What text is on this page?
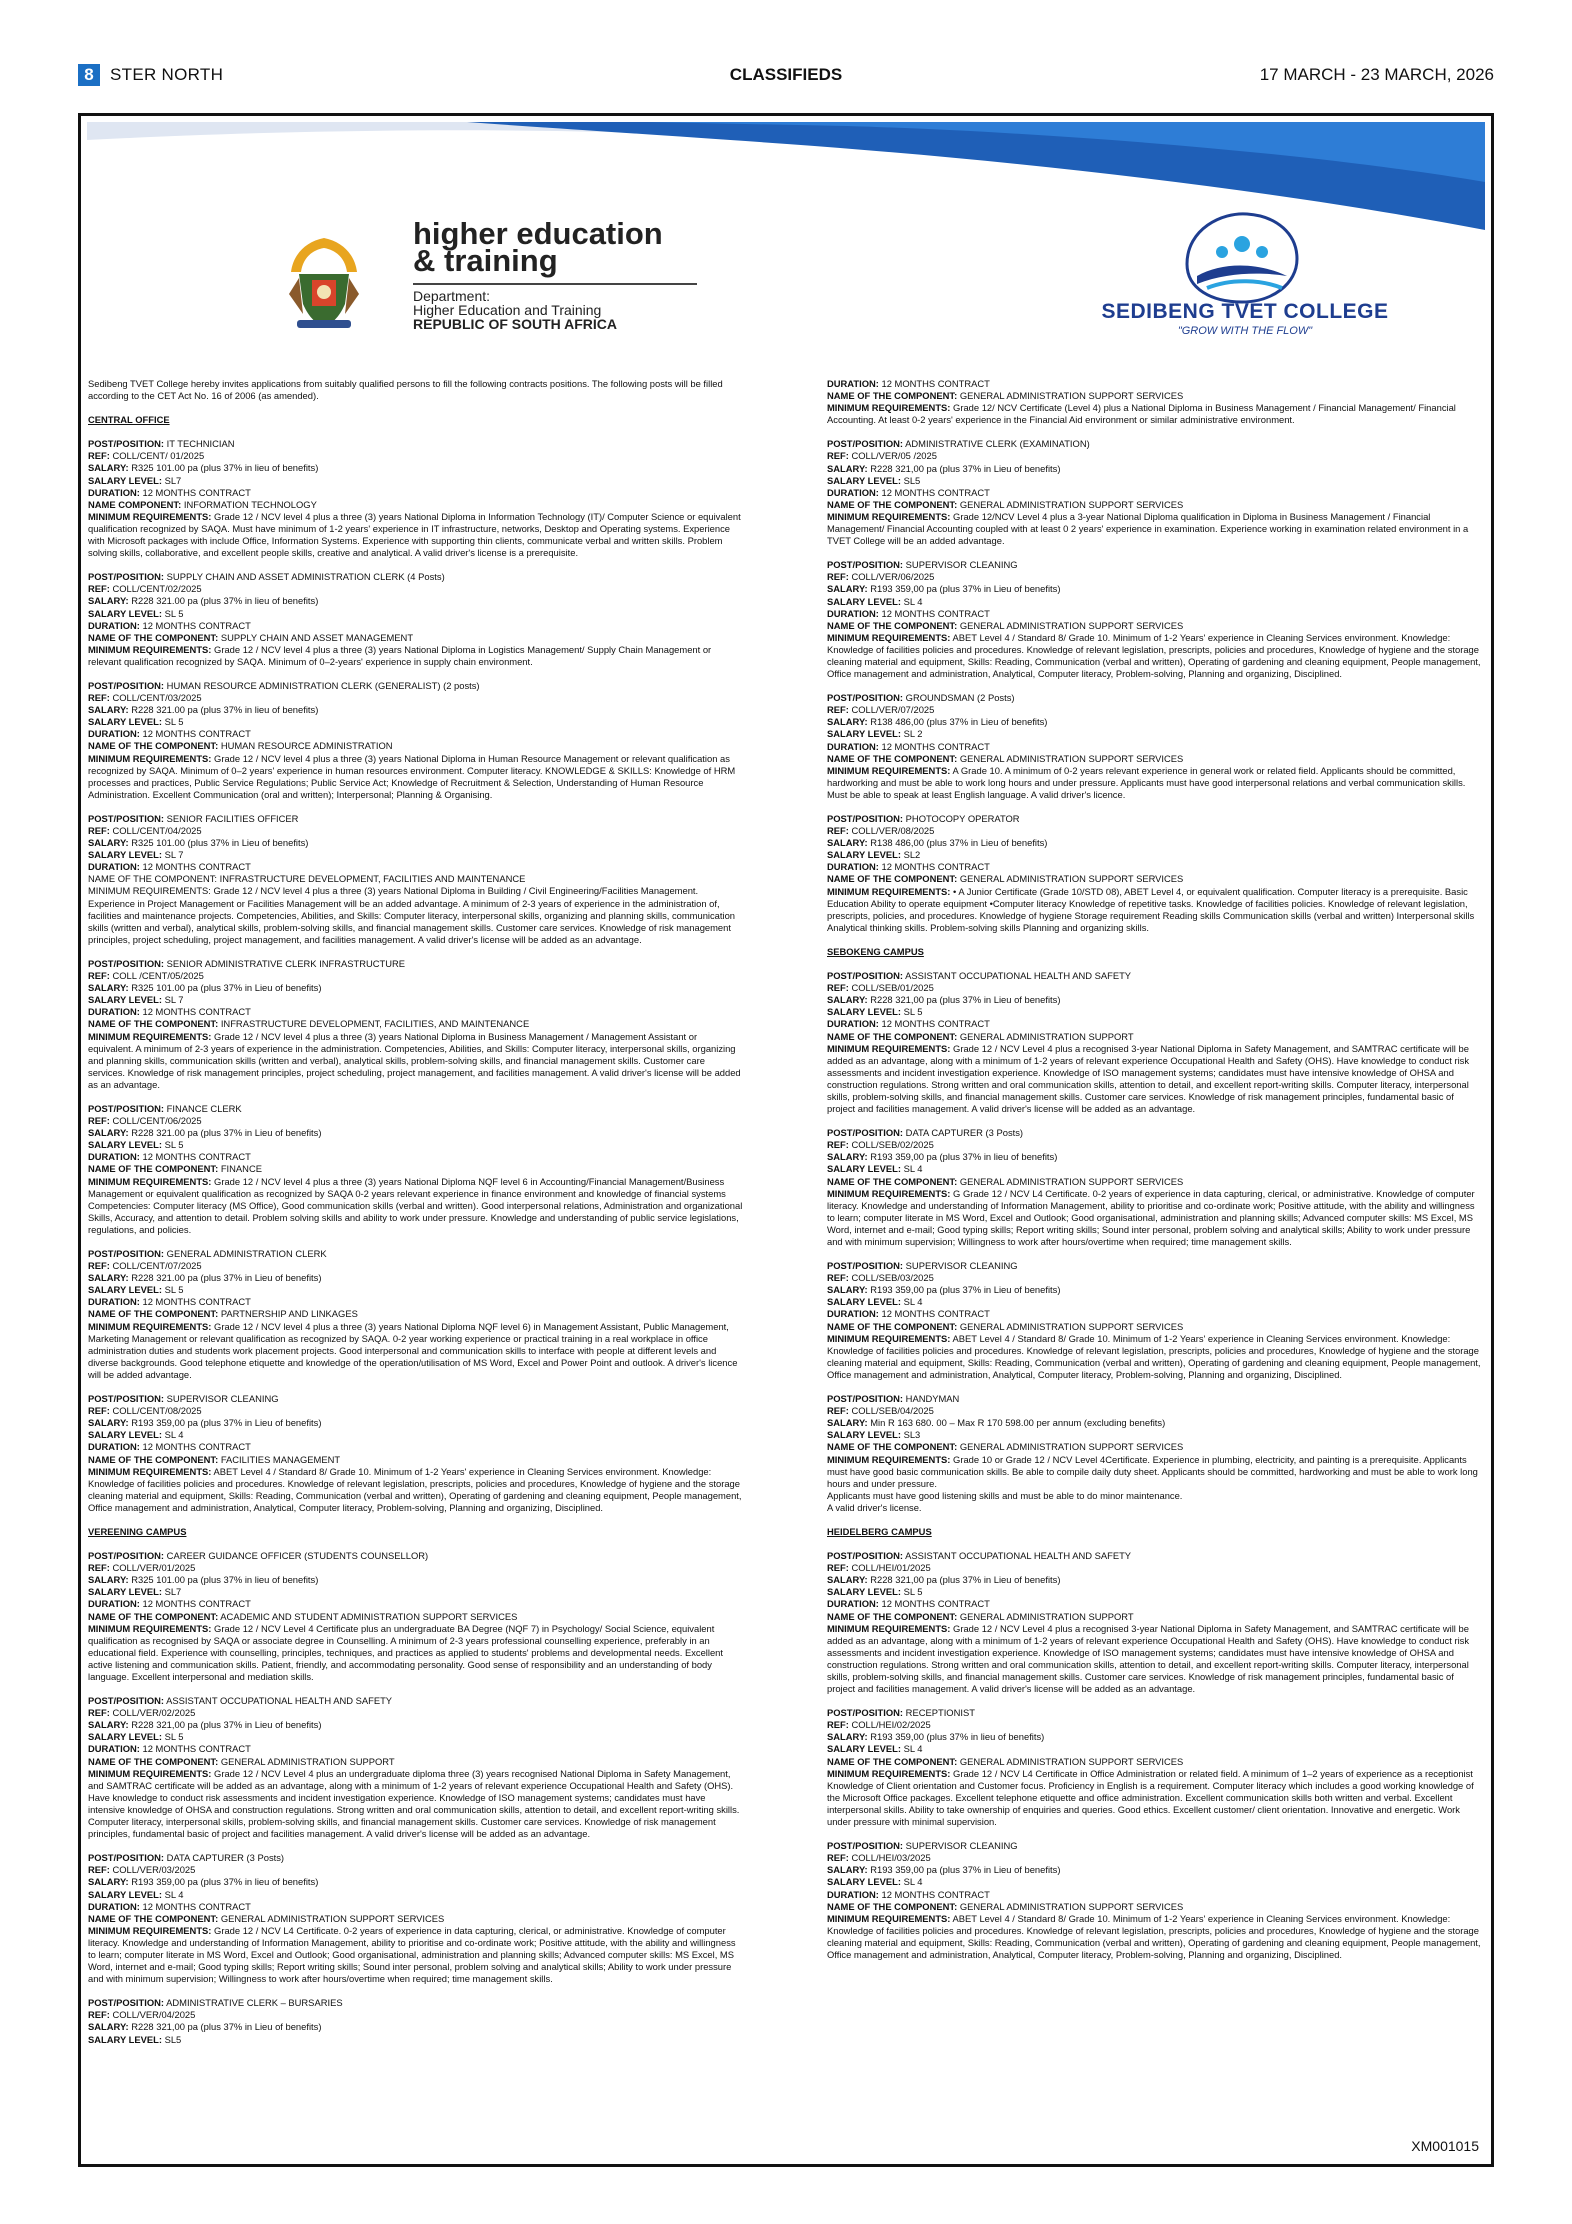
8 STER NORTH	CLASSIFIEDS	17 MARCH - 23 MARCH, 2026
higher education
& training
Department:
Higher Education and Training
REPUBLIC OF SOUTH AFRICA
SEDIBENG TVET COLLEGE
"GROW WITH THE FLOW"

Sedibeng TVET College hereby invites applications from suitably qualified persons to fill the following contracts positions. The following posts will be filled according to the CET Act No. 16 of 2006 (as amended).

CENTRAL OFFICE

POST/POSITION: IT TECHNICIAN

REF: COLL/CENT/ 01/2025

SALARY: R325 101.00 pa (plus 37% in lieu of benefits)

SALARY LEVEL: SL7

DURATION: 12 MONTHS CONTRACT

NAME COMPONENT: INFORMATION TECHNOLOGY

MINIMUM REQUIREMENTS: Grade 12 / NCV level 4 plus a three (3) years National Diploma in Information Technology (IT)/ Computer Science or equivalent qualification recognized by SAQA. Must have minimum of 1-2 years' experience in IT infrastructure, networks, Desktop and Operating systems. Experience with Microsoft packages with include Office, Information Systems. Experience with supporting thin clients, communicate verbal and written skills. Problem solving skills, collaborative, and excellent people skills, creative and analytical. A valid driver's license is a prerequisite.

POST/POSITION: SUPPLY CHAIN AND ASSET ADMINISTRATION CLERK (4 Posts)

REF: COLL/CENT/02/2025

SALARY: R228 321.00 pa (plus 37% in lieu of benefits)

SALARY LEVEL: SL 5

DURATION: 12 MONTHS CONTRACT

NAME OF THE COMPONENT: SUPPLY CHAIN AND ASSET MANAGEMENT

MINIMUM REQUIREMENTS: Grade 12 / NCV level 4 plus a three (3) years National Diploma in Logistics Management/ Supply Chain Management or relevant qualification recognized by SAQA. Minimum of 0–2-years' experience in supply chain environment.

POST/POSITION: HUMAN RESOURCE ADMINISTRATION CLERK (GENERALIST) (2 posts)

REF: COLL/CENT/03/2025

SALARY: R228 321.00 pa (plus 37% in lieu of benefits)

SALARY LEVEL: SL 5

DURATION: 12 MONTHS CONTRACT

NAME OF THE COMPONENT: HUMAN RESOURCE ADMINISTRATION

MINIMUM REQUIREMENTS: Grade 12 / NCV level 4 plus a three (3) years National Diploma in Human Resource Management or relevant qualification as recognized by SAQA. Minimum of 0–2 years' experience in human resources environment. Computer literacy. KNOWLEDGE & SKILLS: Knowledge of HRM processes and practices, Public Service Regulations; Public Service Act; Knowledge of Recruitment & Selection, Understanding of Human Resource Administration. Excellent Communication (oral and written); Interpersonal; Planning & Organising.

POST/POSITION: SENIOR FACILITIES OFFICER

REF: COLL/CENT/04/2025

SALARY: R325 101.00 (plus 37% in Lieu of benefits)

SALARY LEVEL: SL 7

DURATION: 12 MONTHS CONTRACT

NAME OF THE COMPONENT: INFRASTRUCTURE DEVELOPMENT, FACILITIES AND MAINTENANCE

MINIMUM REQUIREMENTS: Grade 12 / NCV level 4 plus a three (3) years National Diploma in Building / Civil Engineering/Facilities Management. Experience in Project Management or Facilities Management will be an added advantage. A minimum of 2-3 years of experience in the administration of, facilities and maintenance projects. Competencies, Abilities, and Skills: Computer literacy, interpersonal skills, organizing and planning skills, communication skills (written and verbal), analytical skills, problem-solving skills, and financial management skills. Customer care services. Knowledge of risk management principles, project scheduling, project management, and facilities management. A valid driver's license will be added as an advantage.

POST/POSITION: SENIOR ADMINISTRATIVE CLERK INFRASTRUCTURE

REF: COLL /CENT/05/2025

SALARY: R325 101.00 pa (plus 37% in Lieu of benefits)

SALARY LEVEL: SL 7

DURATION: 12 MONTHS CONTRACT

NAME OF THE COMPONENT: INFRASTRUCTURE DEVELOPMENT, FACILITIES, AND MAINTENANCE

MINIMUM REQUIREMENTS: Grade 12 / NCV level 4 plus a three (3) years National Diploma in Business Management / Management Assistant or equivalent. A minimum of 2-3 years of experience in the administration. Competencies, Abilities, and Skills: Computer literacy, interpersonal skills, organizing and planning skills, communication skills (written and verbal), analytical skills, problem-solving skills, and financial management skills. Customer care services. Knowledge of risk management principles, project scheduling, project management, and facilities management. A valid driver's license will be added as an advantage.

POST/POSITION: FINANCE CLERK

REF: COLL/CENT/06/2025

SALARY: R228 321.00 pa (plus 37% in Lieu of benefits)

SALARY LEVEL: SL 5

DURATION: 12 MONTHS CONTRACT

NAME OF THE COMPONENT: FINANCE

MINIMUM REQUIREMENTS: Grade 12 / NCV level 4 plus a three (3) years National Diploma NQF level 6 in Accounting/Financial Management/Business Management or equivalent qualification as recognized by SAQA 0-2 years relevant experience in finance environment and knowledge of financial systems Competencies: Computer literacy (MS Office), Good communication skills (verbal and written). Good interpersonal relations, Administration and organizational Skills, Accuracy, and attention to detail. Problem solving skills and ability to work under pressure. Knowledge and understanding of public service legislations, regulations, and policies.

POST/POSITION: GENERAL ADMINISTRATION CLERK

REF: COLL/CENT/07/2025

SALARY: R228 321.00 pa (plus 37% in Lieu of benefits)

SALARY LEVEL: SL 5

DURATION: 12 MONTHS CONTRACT

NAME OF THE COMPONENT: PARTNERSHIP AND LINKAGES

MINIMUM REQUIREMENTS: Grade 12 / NCV level 4 plus a three (3) years National Diploma NQF level 6) in Management Assistant, Public Management, Marketing Management or relevant qualification as recognized by SAQA. 0-2 year working experience or practical training in a real workplace in office administration duties and students work placement projects. Good interpersonal and communication skills to interface with people at different levels and diverse backgrounds. Good telephone etiquette and knowledge of the operation/utilisation of MS Word, Excel and Power Point and outlook. A driver's licence will be added advantage.

POST/POSITION: SUPERVISOR CLEANING

REF: COLL/CENT/08/2025

SALARY: R193 359,00 pa (plus 37% in Lieu of benefits)

SALARY LEVEL: SL 4

DURATION: 12 MONTHS CONTRACT

NAME OF THE COMPONENT: FACILITIES MANAGEMENT

MINIMUM REQUIREMENTS: ABET Level 4 / Standard 8/ Grade 10. Minimum of 1-2 Years' experience in Cleaning Services environment. Knowledge: Knowledge of facilities policies and procedures. Knowledge of relevant legislation, prescripts, policies and procedures, Knowledge of hygiene and the storage cleaning material and equipment, Skills: Reading, Communication (verbal and written), Operating of gardening and cleaning equipment, People management, Office management and administration, Analytical, Computer literacy, Problem-solving, Planning and organizing, Disciplined.

VEREENING CAMPUS

POST/POSITION: CAREER GUIDANCE OFFICER (STUDENTS COUNSELLOR)

REF: COLL/VER/01/2025

SALARY: R325 101.00 pa (plus 37% in lieu of benefits)

SALARY LEVEL: SL7

DURATION: 12 MONTHS CONTRACT

NAME OF THE COMPONENT: ACADEMIC AND STUDENT ADMINISTRATION SUPPORT SERVICES

MINIMUM REQUIREMENTS: Grade 12 / NCV Level 4 Certificate plus an undergraduate BA Degree (NQF 7) in Psychology/ Social Science, equivalent qualification as recognised by SAQA or associate degree in Counselling. A minimum of 2-3 years professional counselling experience, preferably in an educational field. Experience with counselling, principles, techniques, and practices as applied to students' problems and developmental needs. Excellent active listening and communication skills. Patient, friendly, and accommodating personality. Good sense of responsibility and an understanding of body language. Excellent interpersonal and mediation skills.

POST/POSITION: ASSISTANT OCCUPATIONAL HEALTH AND SAFETY

REF: COLL/VER/02/2025

SALARY: R228 321,00 pa (plus 37% in Lieu of benefits)

SALARY LEVEL: SL 5

DURATION: 12 MONTHS CONTRACT

NAME OF THE COMPONENT: GENERAL ADMINISTRATION SUPPORT

MINIMUM REQUIREMENTS: Grade 12 / NCV Level 4 plus an undergraduate diploma three (3) years recognised National Diploma in Safety Management, and SAMTRAC certificate will be added as an advantage, along with a minimum of 1-2 years of relevant experience Occupational Health and Safety (OHS). Have knowledge to conduct risk assessments and incident investigation experience. Knowledge of ISO management systems; candidates must have intensive knowledge of OHSA and construction regulations. Strong written and oral communication skills, attention to detail, and excellent report-writing skills. Computer literacy, interpersonal skills, problem-solving skills, and financial management skills. Customer care services. Knowledge of risk management principles, fundamental basic of project and facilities management. A valid driver's license will be added as an advantage.

POST/POSITION: DATA CAPTURER (3 Posts)

REF: COLL/VER/03/2025

SALARY: R193 359,00 pa (plus 37% in lieu of benefits)

SALARY LEVEL: SL 4

DURATION: 12 MONTHS CONTRACT

NAME OF THE COMPONENT: GENERAL ADMINISTRATION SUPPORT SERVICES

MINIMUM REQUIREMENTS: Grade 12 / NCV L4 Certificate. 0-2 years of experience in data capturing, clerical, or administrative. Knowledge of computer literacy. Knowledge and understanding of Information Management, ability to prioritise and co-ordinate work; Positive attitude, with the ability and willingness to learn; computer literate in MS Word, Excel and Outlook; Good organisational, administration and planning skills; Advanced computer skills: MS Excel, MS Word, internet and e-mail; Good typing skills; Report writing skills; Sound inter personal, problem solving and analytical skills; Ability to work under pressure and with minimum supervision; Willingness to work after hours/overtime when required; time management skills.

POST/POSITION: ADMINISTRATIVE CLERK – BURSARIES

REF: COLL/VER/04/2025

SALARY: R228 321,00 pa (plus 37% in Lieu of benefits)

SALARY LEVEL: SL5

DURATION: 12 MONTHS CONTRACT

NAME OF THE COMPONENT: GENERAL ADMINISTRATION SUPPORT SERVICES

MINIMUM REQUIREMENTS: Grade 12/ NCV Certificate (Level 4) plus a National Diploma in Business Management / Financial Management/ Financial Accounting. At least 0-2 years' experience in the Financial Aid environment or similar administrative environment.

POST/POSITION: ADMINISTRATIVE CLERK (EXAMINATION)

REF: COLL/VER/05 /2025

SALARY: R228 321,00 pa (plus 37% in Lieu of benefits)

SALARY LEVEL: SL5

DURATION: 12 MONTHS CONTRACT

NAME OF THE COMPONENT: GENERAL ADMINISTRATION SUPPORT SERVICES

MINIMUM REQUIREMENTS: Grade 12/NCV Level 4 plus a 3-year National Diploma qualification in Diploma in Business Management / Financial Management/ Financial Accounting coupled with at least 0 2 years' experience in examination. Experience working in examination related environment in a TVET College will be an added advantage.

POST/POSITION: SUPERVISOR CLEANING

REF: COLL/VER/06/2025

SALARY: R193 359,00 pa (plus 37% in Lieu of benefits)

SALARY LEVEL: SL 4

DURATION: 12 MONTHS CONTRACT

NAME OF THE COMPONENT: GENERAL ADMINISTRATION SUPPORT SERVICES

MINIMUM REQUIREMENTS: ABET Level 4 / Standard 8/ Grade 10. Minimum of 1-2 Years' experience in Cleaning Services environment. Knowledge: Knowledge of facilities policies and procedures. Knowledge of relevant legislation, prescripts, policies and procedures, Knowledge of hygiene and the storage cleaning material and equipment, Skills: Reading, Communication (verbal and written), Operating of gardening and cleaning equipment, People management, Office management and administration, Analytical, Computer literacy, Problem-solving, Planning and organizing, Disciplined.

POST/POSITION: GROUNDSMAN (2 Posts)

REF: COLL/VER/07/2025

SALARY: R138 486,00 (plus 37% in Lieu of benefits)

SALARY LEVEL: SL 2

DURATION: 12 MONTHS CONTRACT

NAME OF THE COMPONENT: GENERAL ADMINISTRATION SUPPORT SERVICES

MINIMUM REQUIREMENTS: A Grade 10. A minimum of 0-2 years relevant experience in general work or related field. Applicants should be committed, hardworking and must be able to work long hours and under pressure. Applicants must have good interpersonal relations and verbal communication skills. Must be able to speak at least English language. A valid driver's licence.

POST/POSITION: PHOTOCOPY OPERATOR

REF: COLL/VER/08/2025

SALARY: R138 486,00 (plus 37% in Lieu of benefits)

SALARY LEVEL: SL2

DURATION: 12 MONTHS CONTRACT

NAME OF THE COMPONENT: GENERAL ADMINISTRATION SUPPORT SERVICES

MINIMUM REQUIREMENTS: • A Junior Certificate (Grade 10/STD 08), ABET Level 4, or equivalent qualification. Computer literacy is a prerequisite. Basic Education Ability to operate equipment •Computer literacy Knowledge of repetitive tasks. Knowledge of facilities policies. Knowledge of relevant legislation, prescripts, policies, and procedures. Knowledge of hygiene Storage requirement Reading skills Communication skills (verbal and written) Interpersonal skills Analytical thinking skills. Problem-solving skills Planning and organizing skills.

SEBOKENG CAMPUS

POST/POSITION: ASSISTANT OCCUPATIONAL HEALTH AND SAFETY

REF: COLL/SEB/01/2025

SALARY: R228 321,00 pa (plus 37% in Lieu of benefits)

SALARY LEVEL: SL 5

DURATION: 12 MONTHS CONTRACT

NAME OF THE COMPONENT: GENERAL ADMINISTRATION SUPPORT

MINIMUM REQUIREMENTS: Grade 12 / NCV Level 4 plus a recognised 3-year National Diploma in Safety Management, and SAMTRAC certificate will be added as an advantage, along with a minimum of 1-2 years of relevant experience Occupational Health and Safety (OHS). Have knowledge to conduct risk assessments and incident investigation experience. Knowledge of ISO management systems; candidates must have intensive knowledge of OHSA and construction regulations. Strong written and oral communication skills, attention to detail, and excellent report-writing skills. Computer literacy, interpersonal skills, problem-solving skills, and financial management skills. Customer care services. Knowledge of risk management principles, fundamental basic of project and facilities management. A valid driver's license will be added as an advantage.

POST/POSITION: DATA CAPTURER (3 Posts)

REF: COLL/SEB/02/2025

SALARY: R193 359,00 pa (plus 37% in lieu of benefits)

SALARY LEVEL: SL 4

NAME OF THE COMPONENT: GENERAL ADMINISTRATION SUPPORT SERVICES

MINIMUM REQUIREMENTS: G Grade 12 / NCV L4 Certificate. 0-2 years of experience in data capturing, clerical, or administrative. Knowledge of computer literacy. Knowledge and understanding of Information Management, ability to prioritise and co-ordinate work; Positive attitude, with the ability and willingness to learn; computer literate in MS Word, Excel and Outlook; Good organisational, administration and planning skills; Advanced computer skills: MS Excel, MS Word, internet and e-mail; Good typing skills; Report writing skills; Sound inter personal, problem solving and analytical skills; Ability to work under pressure and with minimum supervision; Willingness to work after hours/overtime when required; time management skills.

POST/POSITION: SUPERVISOR CLEANING

REF: COLL/SEB/03/2025

SALARY: R193 359,00 pa (plus 37% in Lieu of benefits)

SALARY LEVEL: SL 4

DURATION: 12 MONTHS CONTRACT

NAME OF THE COMPONENT: GENERAL ADMINISTRATION SUPPORT SERVICES

MINIMUM REQUIREMENTS: ABET Level 4 / Standard 8/ Grade 10. Minimum of 1-2 Years' experience in Cleaning Services environment. Knowledge: Knowledge of facilities policies and procedures. Knowledge of relevant legislation, prescripts, policies and procedures, Knowledge of hygiene and the storage cleaning material and equipment, Skills: Reading, Communication (verbal and written), Operating of gardening and cleaning equipment, People management, Office management and administration, Analytical, Computer literacy, Problem-solving, Planning and organizing, Disciplined.

POST/POSITION: HANDYMAN

REF: COLL/SEB/04/2025

SALARY: Min R 163 680. 00 – Max R 170 598.00 per annum (excluding benefits)

SALARY LEVEL: SL3

NAME OF THE COMPONENT: GENERAL ADMINISTRATION SUPPORT SERVICES

MINIMUM REQUIREMENTS: Grade 10 or Grade 12 / NCV Level 4Certificate. Experience in plumbing, electricity, and painting is a prerequisite. Applicants must have good basic communication skills. Be able to compile daily duty sheet. Applicants should be committed, hardworking and must be able to work long hours and under pressure.

Applicants must have good listening skills and must be able to do minor maintenance.

A valid driver's license.

HEIDELBERG CAMPUS

POST/POSITION: ASSISTANT OCCUPATIONAL HEALTH AND SAFETY

REF: COLL/HEI/01/2025

SALARY: R228 321,00 pa (plus 37% in Lieu of benefits)

SALARY LEVEL: SL 5

DURATION: 12 MONTHS CONTRACT

NAME OF THE COMPONENT: GENERAL ADMINISTRATION SUPPORT

MINIMUM REQUIREMENTS: Grade 12 / NCV Level 4 plus a recognised 3-year National Diploma in Safety Management, and SAMTRAC certificate will be added as an advantage, along with a minimum of 1-2 years of relevant experience Occupational Health and Safety (OHS). Have knowledge to conduct risk assessments and incident investigation experience. Knowledge of ISO management systems; candidates must have intensive knowledge of OHSA and construction regulations. Strong written and oral communication skills, attention to detail, and excellent report-writing skills. Computer literacy, interpersonal skills, problem-solving skills, and financial management skills. Customer care services. Knowledge of risk management principles, fundamental basic of project and facilities management. A valid driver's license will be added as an advantage.

POST/POSITION: RECEPTIONIST

REF: COLL/HEI/02/2025

SALARY: R193 359,00 (plus 37% in lieu of benefits)

SALARY LEVEL: SL 4

NAME OF THE COMPONENT: GENERAL ADMINISTRATION SUPPORT SERVICES

MINIMUM REQUIREMENTS: Grade 12 / NCV L4 Certificate in Office Administration or related field. A minimum of 1–2 years of experience as a receptionist Knowledge of Client orientation and Customer focus. Proficiency in English is a requirement. Computer literacy which includes a good working knowledge of the Microsoft Office packages. Excellent telephone etiquette and office administration. Excellent communication skills both written and verbal. Excellent interpersonal skills. Ability to take ownership of enquiries and queries. Good ethics. Excellent customer/ client orientation. Innovative and energetic. Work under pressure with minimal supervision.

POST/POSITION: SUPERVISOR CLEANING

REF: COLL/HEI/03/2025

SALARY: R193 359,00 pa (plus 37% in Lieu of benefits)

SALARY LEVEL: SL 4

DURATION: 12 MONTHS CONTRACT

NAME OF THE COMPONENT: GENERAL ADMINISTRATION SUPPORT SERVICES

MINIMUM REQUIREMENTS: ABET Level 4 / Standard 8/ Grade 10. Minimum of 1-2 Years' experience in Cleaning Services environment. Knowledge: Knowledge of facilities policies and procedures. Knowledge of relevant legislation, prescripts, policies and procedures, Knowledge of hygiene and the storage cleaning material and equipment, Skills: Reading, Communication (verbal and written), Operating of gardening and cleaning equipment, People management, Office management and administration, Analytical, Computer literacy, Problem-solving, Planning and organizing, Disciplined.

XM001015
